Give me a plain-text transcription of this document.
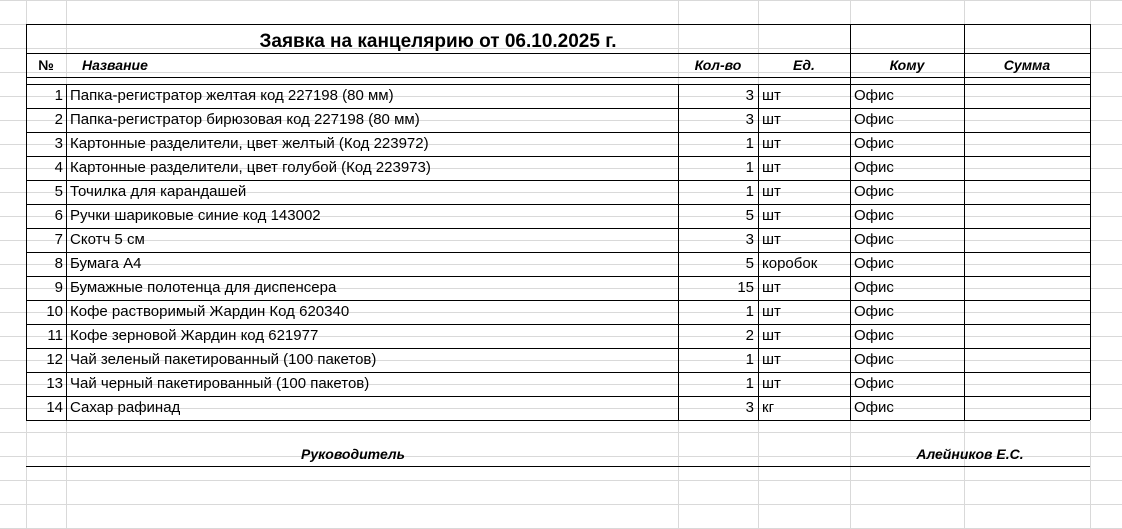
Заявка на канцелярию от 06.10.2025 г.
№	Название	Кол-во	Ед.	Кому	Сумма
1 Папка-регистратор желтая код 227198 (80 мм)	3 шт	Офис
2 Папка-регистратор бирюзовая код 227198 (80 мм)	3 шт	Офис
3 Картонные разделители, цвет желтый (Код 223972)	1 шт	Офис
4 Картонные разделители, цвет голубой (Код 223973)	1 шт	Офис
5 Точилка для карандашей	1 шт	Офис
6 Ручки шариковые синие код 143002	5 шт	Офис
7 Скотч 5 см	3 шт	Офис
8 Бумага А4	5 коробок	Офис
9 Бумажные полотенца для диспенсера	15 шт	Офис
10 Кофе растворимый Жардин Код 620340	1 шт	Офис
11 Кофе зерновой Жардин код 621977	2 шт	Офис
12 Чай зеленый пакетированный (100 пакетов)	1 шт	Офис
13 Чай черный пакетированный (100 пакетов)	1 шт	Офис
14 Сахар рафинад	3 кг	Офис
Руководитель	Алейников Е.С.
